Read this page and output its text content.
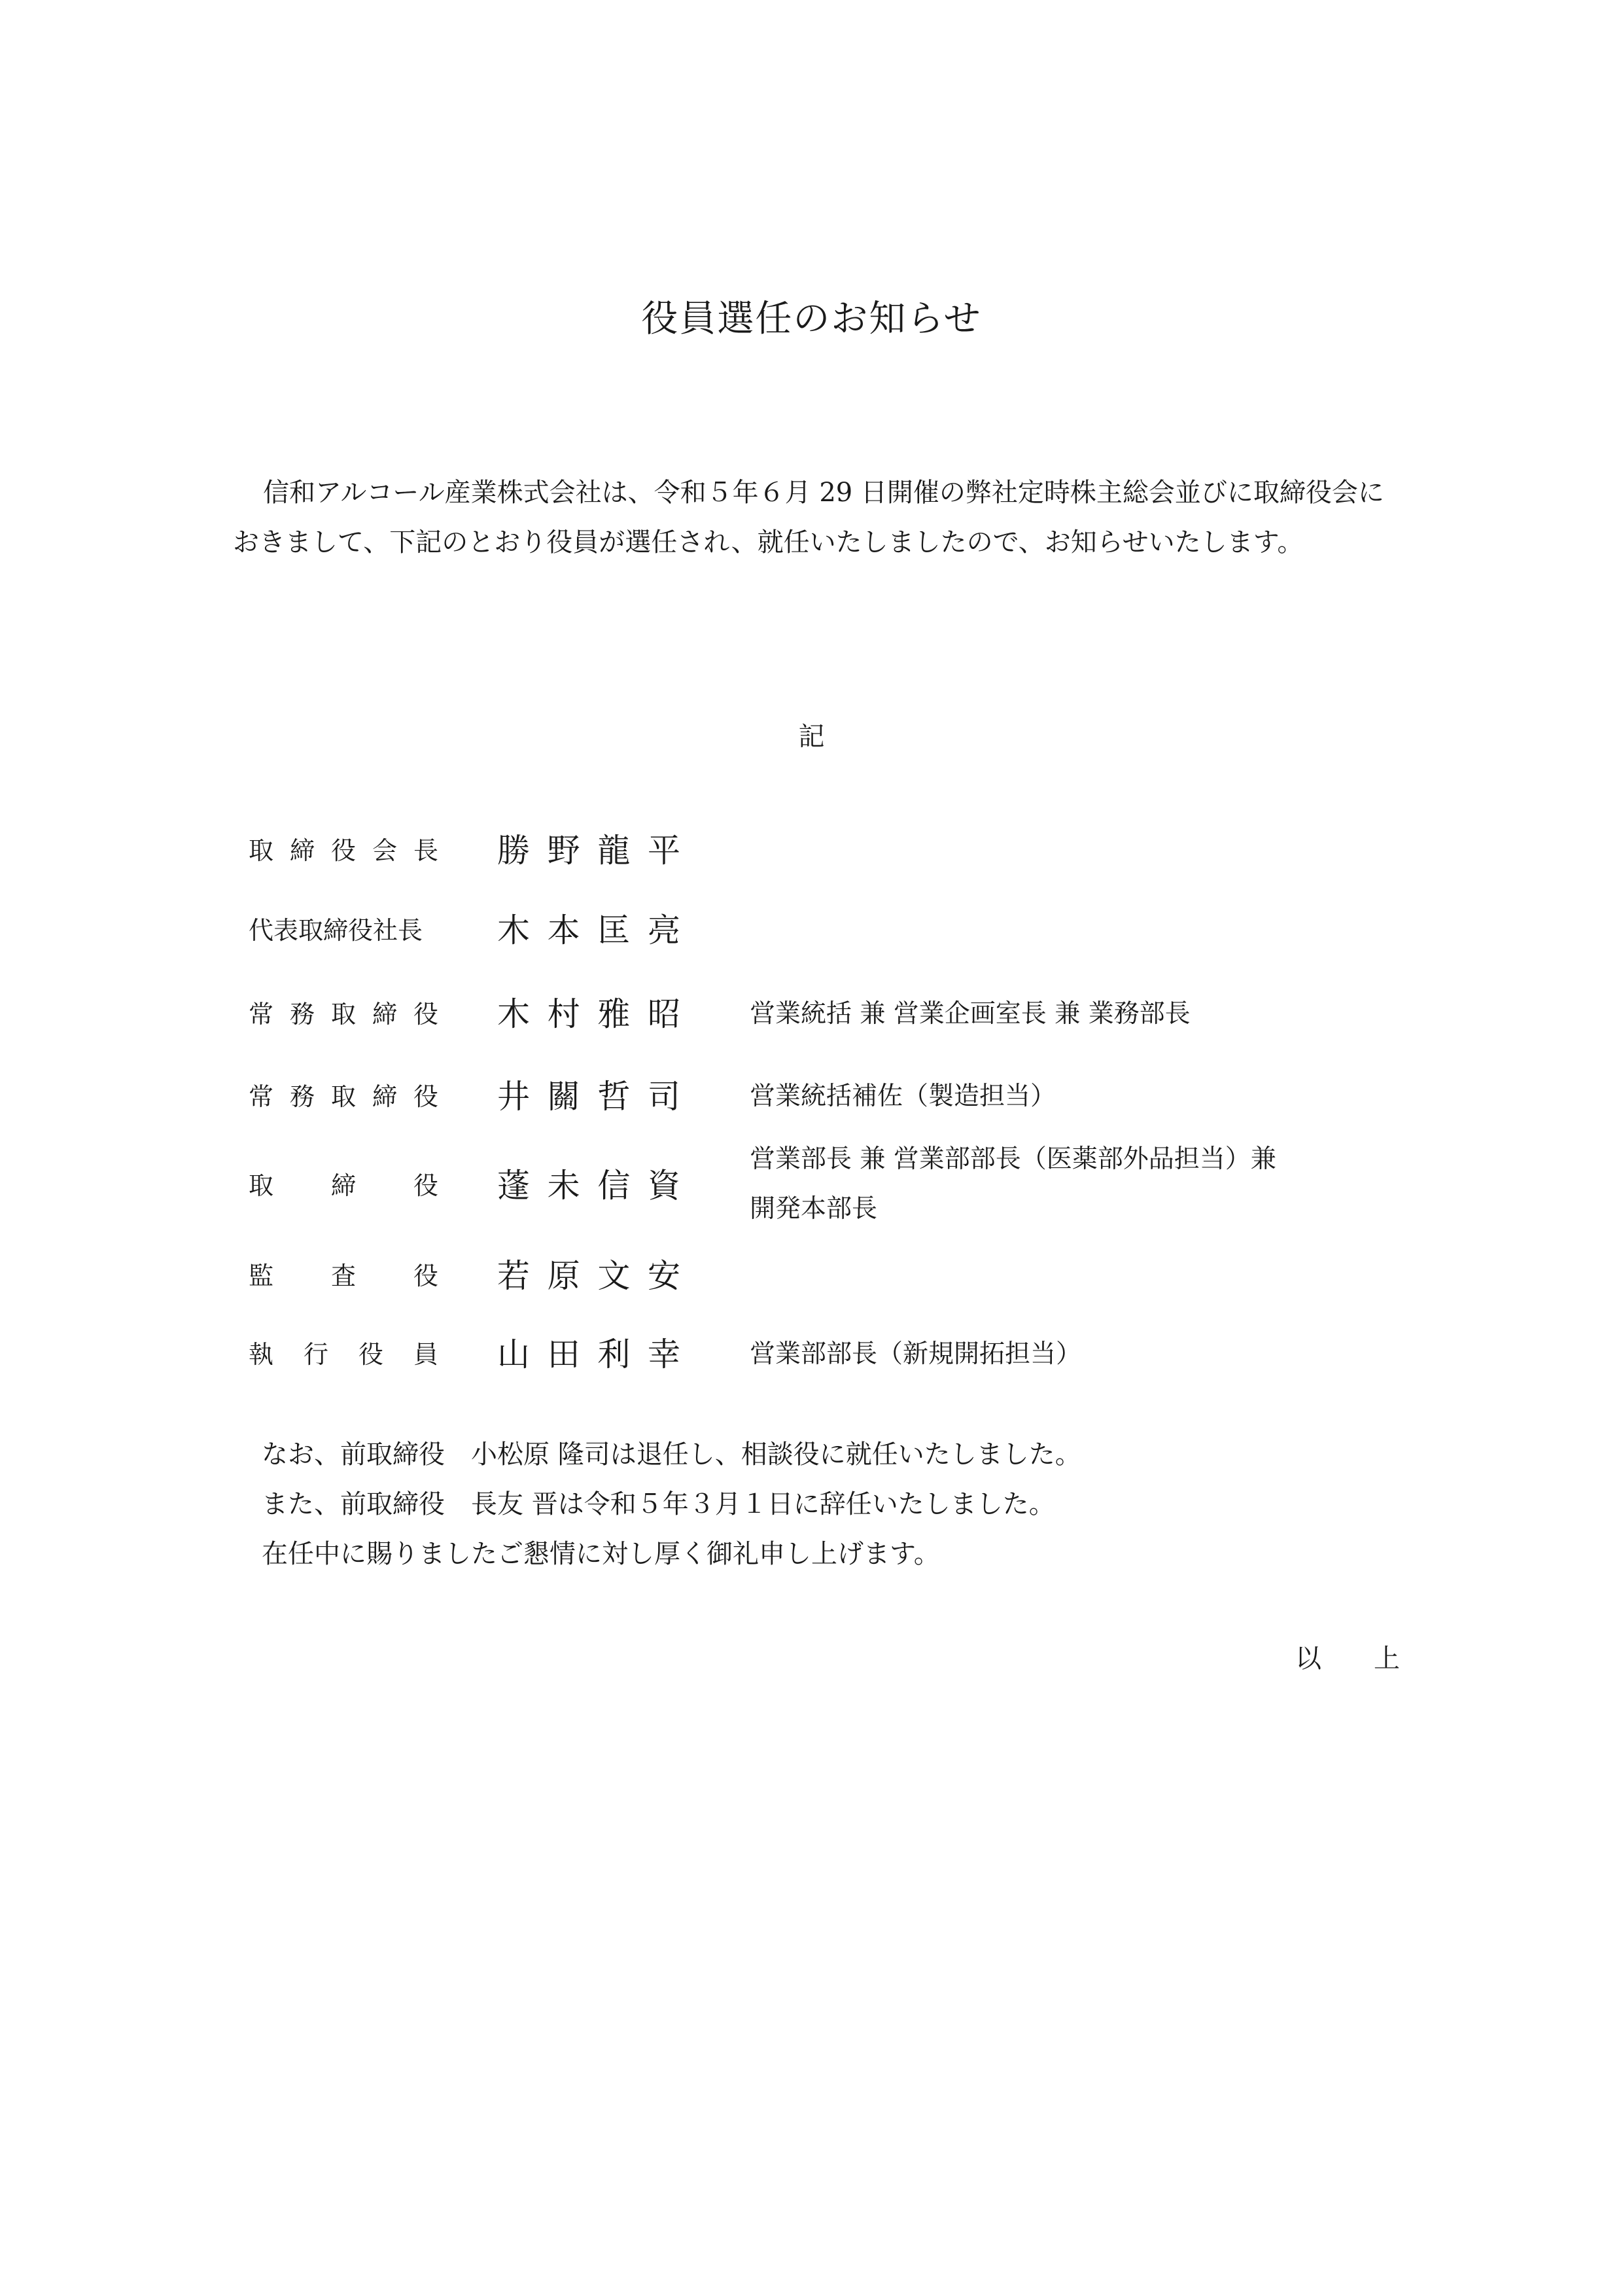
役員選任のお知らせ

信和アルコール産業株式会社は、令和５年６月 29 日開催の弊社定時株主総会並びに取締役会におきまして、下記のとおり役員が選任され、就任いたしましたので、お知らせいたします。

記
取 締 役 会 長 勝 野 龍 平
代表取締役社長 木 本 匡 亮
常 務 取 締 役 木 村 雅 昭	営業統括 兼 営業企画室長 兼 業務部長
常 務 取 締 役 井 關 哲 司	営業統括補佐（製造担当）
取 締 役 蓬 未 信 資
営業部長 兼 営業部部長（医薬部外品担当）兼
開発本部長
監 査 役 若 原 文 安
執 行 役 員 山 田 利 幸	営業部部長（新規開拓担当）
なお、前取締役　小松原 隆司は退任し、相談役に就任いたしました。
また、前取締役　長友 晋は令和５年３月１日に辞任いたしました。
在任中に賜りましたご懇情に対し厚く御礼申し上げます。
以 上
